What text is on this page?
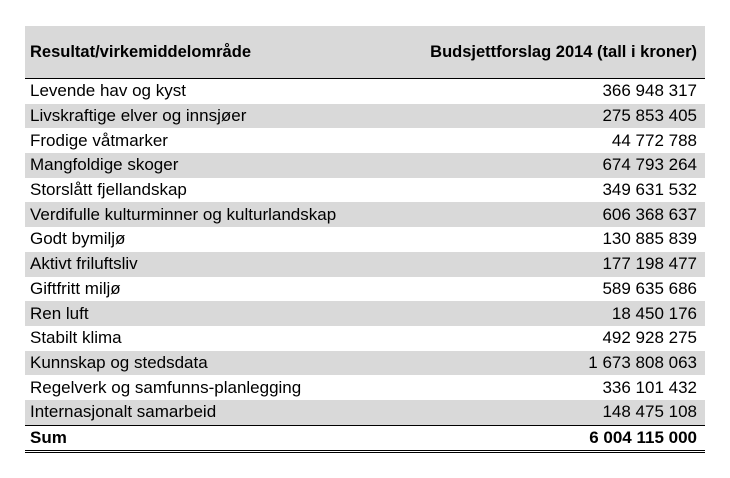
Resultat/virkemiddelområde	Budsjettforslag 2014 (tall i kroner)
Levende hav og kyst	366 948 317
Livskraftige elver og innsjøer	275 853 405
Frodige våtmarker	44 772 788
Mangfoldige skoger	674 793 264
Storslått fjellandskap	349 631 532
Verdifulle kulturminner og kulturlandskap	606 368 637
Godt bymiljø	130 885 839
Aktivt friluftsliv	177 198 477
Giftfritt miljø	589 635 686
Ren luft	18 450 176
Stabilt klima	492 928 275
Kunnskap og stedsdata	1 673 808 063
Regelverk og samfunns-planlegging	336 101 432
Internasjonalt samarbeid	148 475 108
Sum	6 004 115 000
